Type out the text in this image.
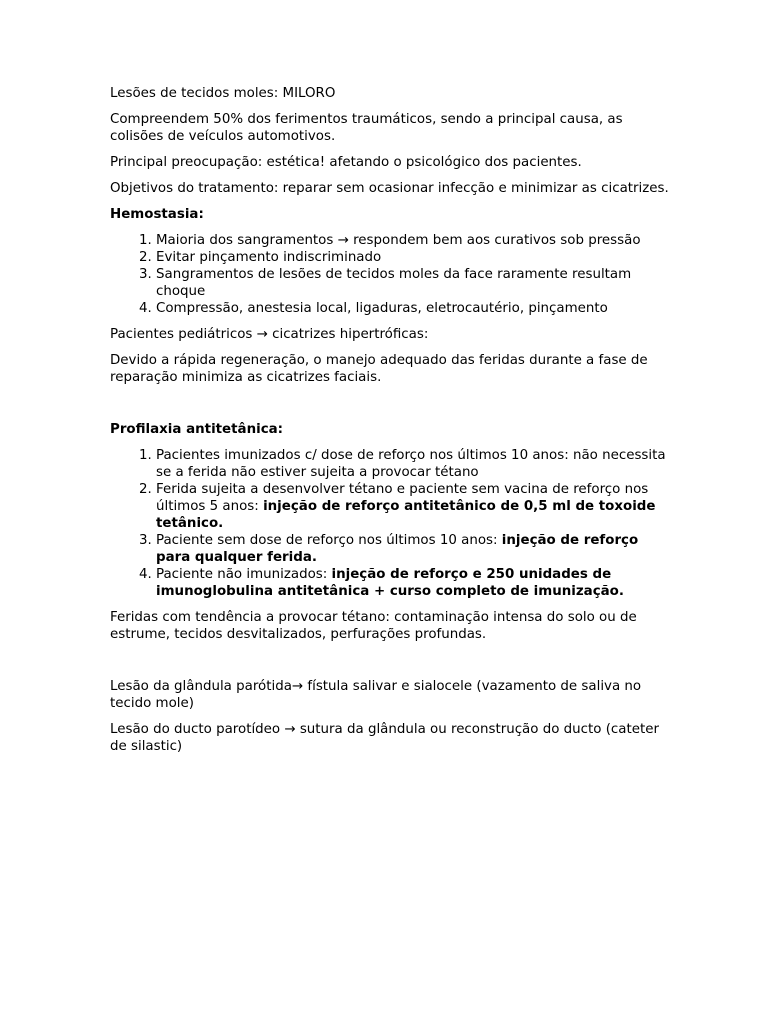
Lesões de tecidos moles: MILORO

Compreendem 50% dos ferimentos traumáticos, sendo a principal causa, as colisões de veículos automotivos.

Principal preocupação: estética! afetando o psicológico dos pacientes.

Objetivos do tratamento: reparar sem ocasionar infecção e minimizar as cicatrizes.

Hemostasia:

1. Maioria dos sangramentos → respondem bem aos curativos sob pressão
2. Evitar pinçamento indiscriminado
3. Sangramentos de lesões de tecidos moles da face raramente resultam choque
4. Compressão, anestesia local, ligaduras, eletrocautério, pinçamento

Pacientes pediátricos → cicatrizes hipertróficas:

Devido a rápida regeneração, o manejo adequado das feridas durante a fase de reparação minimiza as cicatrizes faciais.

Profilaxia antitetânica:

1. Pacientes imunizados c/ dose de reforço nos últimos 10 anos: não necessita se a ferida não estiver sujeita a provocar tétano
2. Ferida sujeita a desenvolver tétano e paciente sem vacina de reforço nos últimos 5 anos: injeção de reforço antitetânico de 0,5 ml de toxoide tetânico.
3. Paciente sem dose de reforço nos últimos 10 anos: injeção de reforço para qualquer ferida.
4. Paciente não imunizados: injeção de reforço e 250 unidades de imunoglobulina antitetânica + curso completo de imunização.

Feridas com tendência a provocar tétano: contaminação intensa do solo ou de estrume, tecidos desvitalizados, perfurações profundas.

Lesão da glândula parótida→ fístula salivar e sialocele (vazamento de saliva no tecido mole)

Lesão do ducto parotídeo → sutura da glândula ou reconstrução do ducto (cateter de silastic)
